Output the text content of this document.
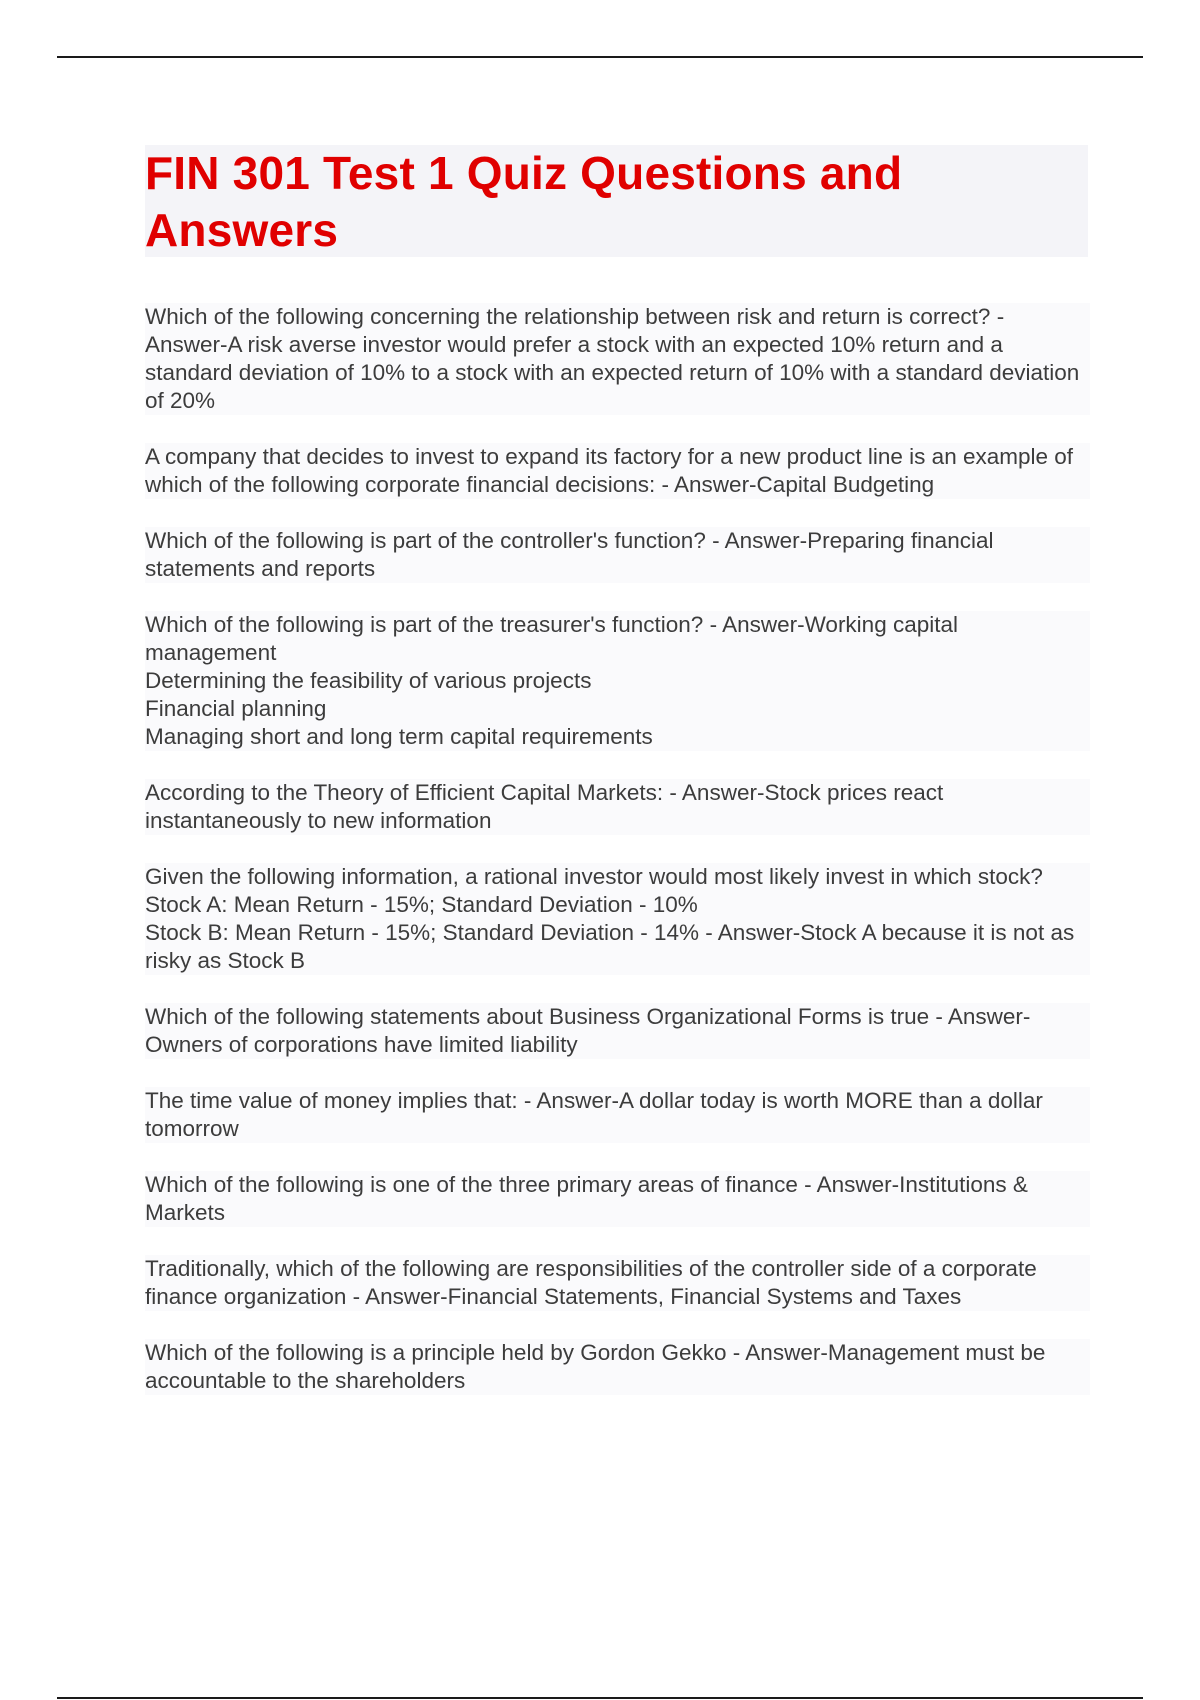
FIN 301 Test 1 Quiz Questions and Answers

Which of the following concerning the relationship between risk and return is correct? - Answer-A risk averse investor would prefer a stock with an expected 10% return and a standard deviation of 10% to a stock with an expected return of 10% with a standard deviation of 20%

A company that decides to invest to expand its factory for a new product line is an example of which of the following corporate financial decisions: - Answer-Capital Budgeting

Which of the following is part of the controller's function? - Answer-Preparing financial statements and reports

Which of the following is part of the treasurer's function? - Answer-Working capital management
Determining the feasibility of various projects
Financial planning
Managing short and long term capital requirements

According to the Theory of Efficient Capital Markets: - Answer-Stock prices react instantaneously to new information

Given the following information, a rational investor would most likely invest in which stock? Stock A: Mean Return - 15%; Standard Deviation - 10%
Stock B: Mean Return - 15%; Standard Deviation - 14% - Answer-Stock A because it is not as risky as Stock B

Which of the following statements about Business Organizational Forms is true - Answer-Owners of corporations have limited liability

The time value of money implies that: - Answer-A dollar today is worth MORE than a dollar tomorrow

Which of the following is one of the three primary areas of finance - Answer-Institutions & Markets

Traditionally, which of the following are responsibilities of the controller side of a corporate finance organization - Answer-Financial Statements, Financial Systems and Taxes

Which of the following is a principle held by Gordon Gekko - Answer-Management must be accountable to the shareholders
